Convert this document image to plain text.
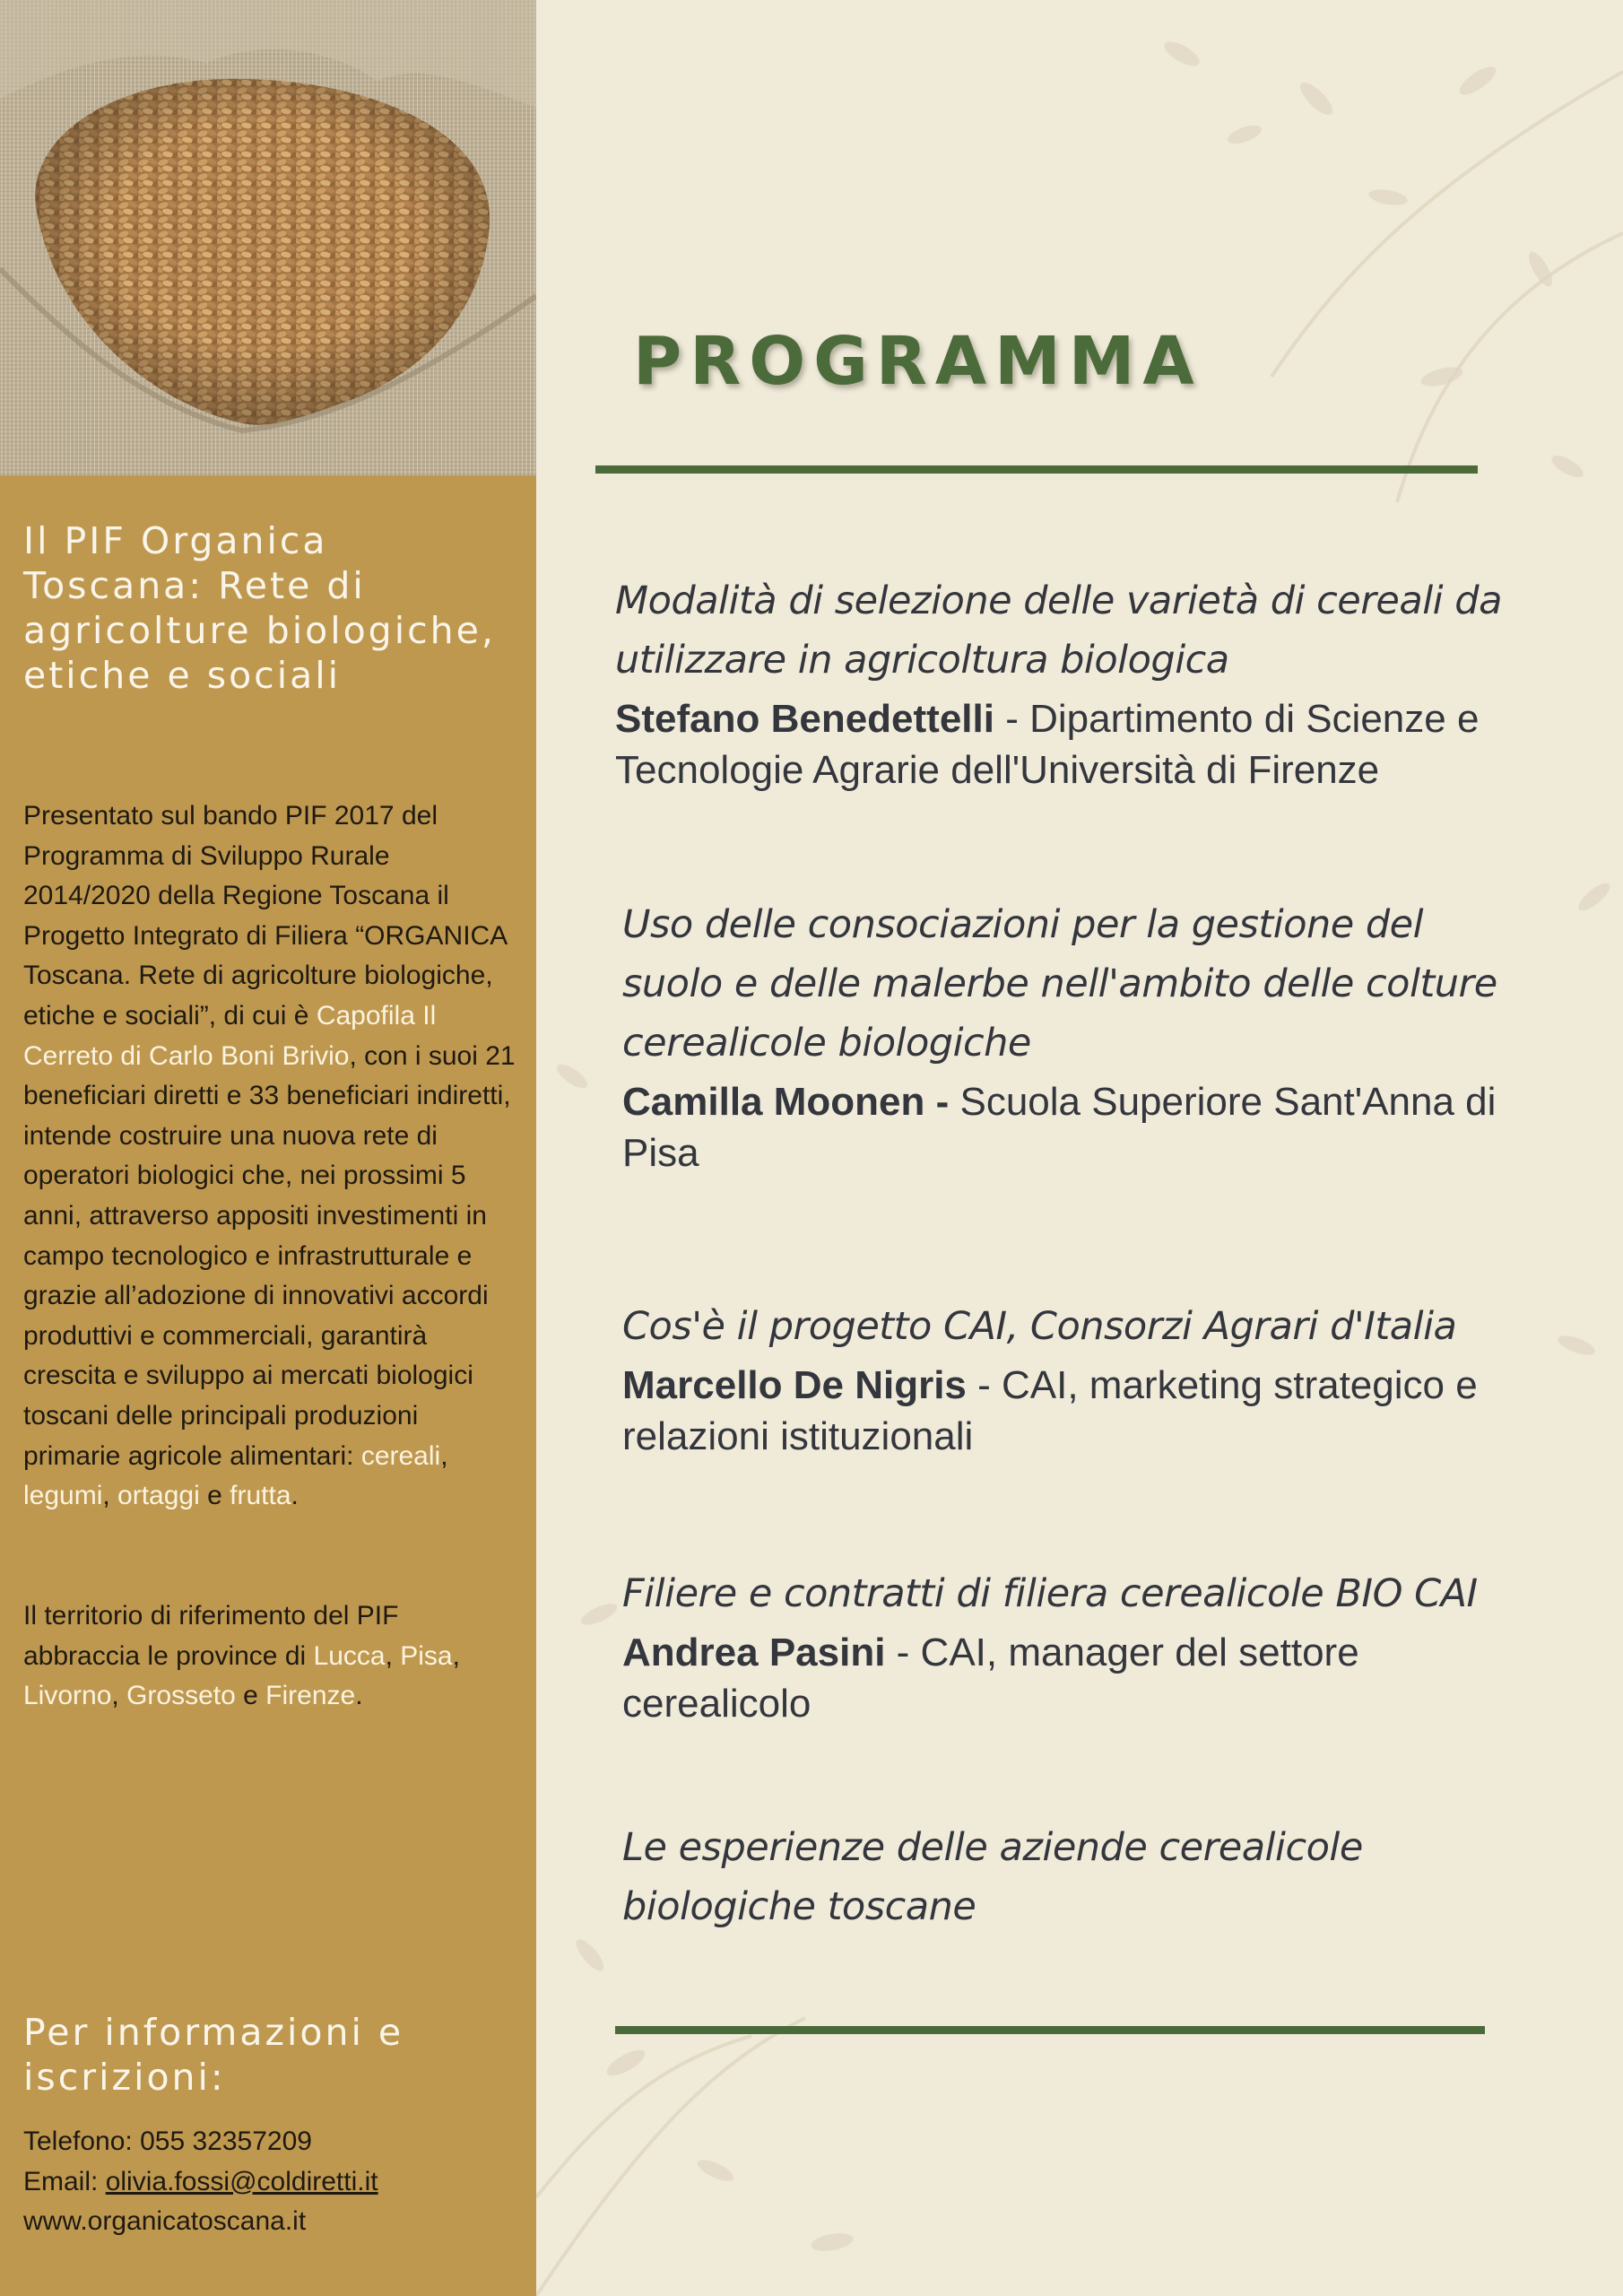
Il PIF Organica Toscana: Rete di agricolture biologiche, etiche e sociali

Presentato sul bando PIF 2017 del Programma di Sviluppo Rurale 2014/2020 della Regione Toscana il Progetto Integrato di Filiera “ORGANICA Toscana. Rete di agricolture biologiche, etiche e sociali”, di cui è Capofila Il Cerreto di Carlo Boni Brivio, con i suoi 21 beneficiari diretti e 33 beneficiari indiretti, intende costruire una nuova rete di operatori biologici che, nei prossimi 5 anni, attraverso appositi investimenti in campo tecnologico e infrastrutturale e grazie all’adozione di innovativi accordi produttivi e commerciali, garantirà crescita e sviluppo ai mercati biologici toscani delle principali produzioni primarie agricole alimentari: cereali, legumi, ortaggi e frutta.

Il territorio di riferimento del PIF abbraccia le province di Lucca, Pisa, Livorno, Grosseto e Firenze.

Per informazioni e iscrizioni:
Telefono: 055 32357209
Email: olivia.fossi@coldiretti.it
www.organicatoscana.it
PROGRAMMA

Modalità di selezione delle varietà di cereali da utilizzare in agricoltura biologica

Stefano Benedettelli - Dipartimento di Scienze e Tecnologie Agrarie dell'Università di Firenze

Uso delle consociazioni per la gestione del suolo e delle malerbe nell'ambito delle colture cerealicole biologiche

Camilla Moonen - Scuola Superiore Sant'Anna di Pisa

Cos'è il progetto CAI, Consorzi Agrari d'Italia

Marcello De Nigris - CAI, marketing strategico e relazioni istituzionali

Filiere e contratti di filiera cerealicole BIO CAI

Andrea Pasini - CAI, manager del settore cerealicolo

Le esperienze delle aziende cerealicole biologiche toscane
